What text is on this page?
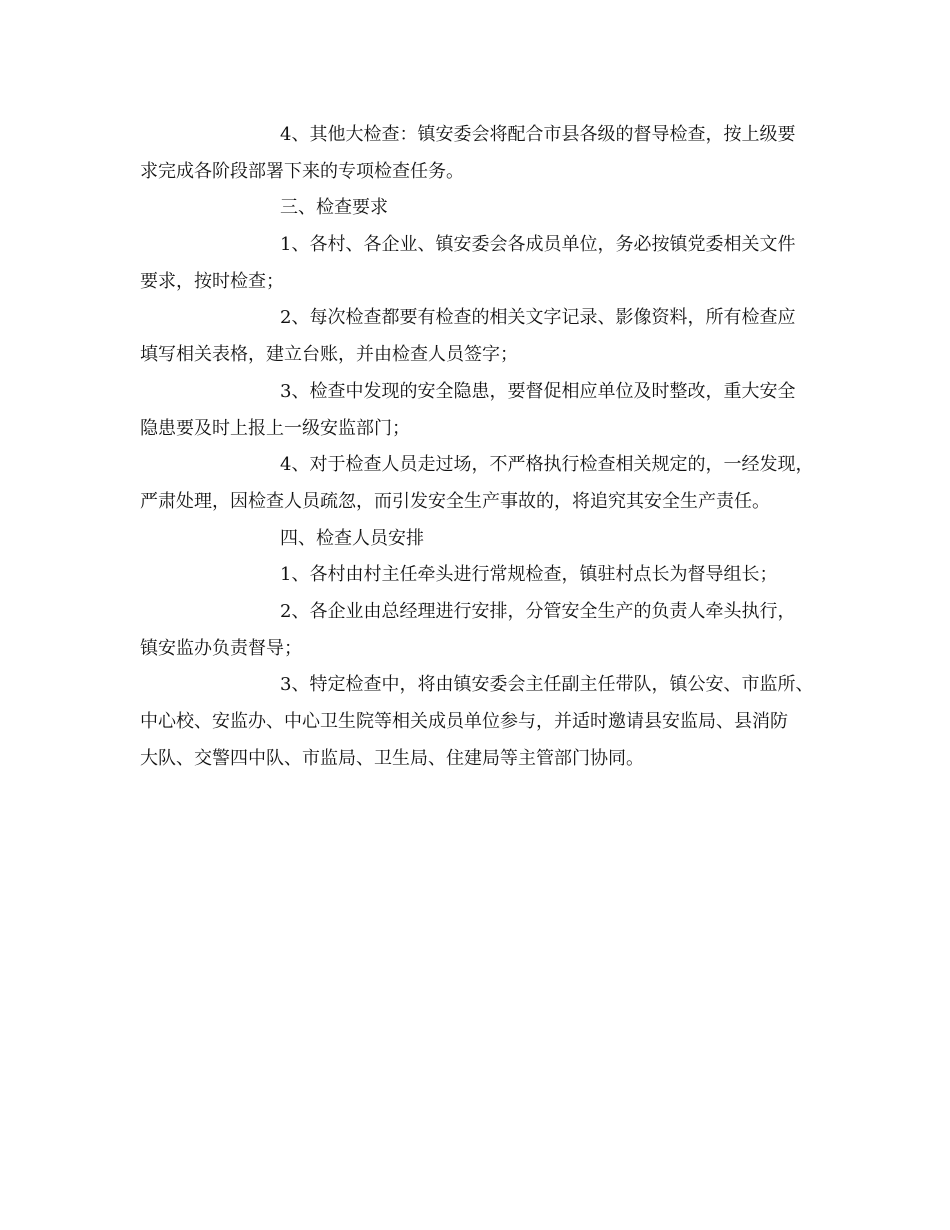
4、其他大检查：镇安委会将配合市县各级的督导检查，按上级要
求完成各阶段部署下来的专项检查任务。
三、检查要求
1、各村、各企业、镇安委会各成员单位，务必按镇党委相关文件
要求，按时检查；
2、每次检查都要有检查的相关文字记录、影像资料，所有检查应
填写相关表格，建立台账，并由检查人员签字；
3、检查中发现的安全隐患，要督促相应单位及时整改，重大安全
隐患要及时上报上一级安监部门；
4、对于检查人员走过场，不严格执行检查相关规定的，一经发现，
严肃处理，因检查人员疏忽，而引发安全生产事故的，将追究其安全生产责任。
四、检查人员安排
1、各村由村主任牵头进行常规检查，镇驻村点长为督导组长；
2、各企业由总经理进行安排，分管安全生产的负责人牵头执行，
镇安监办负责督导；
3、特定检查中，将由镇安委会主任副主任带队，镇公安、市监所、
中心校、安监办、中心卫生院等相关成员单位参与，并适时邀请县安监局、县消防
大队、交警四中队、市监局、卫生局、住建局等主管部门协同。
